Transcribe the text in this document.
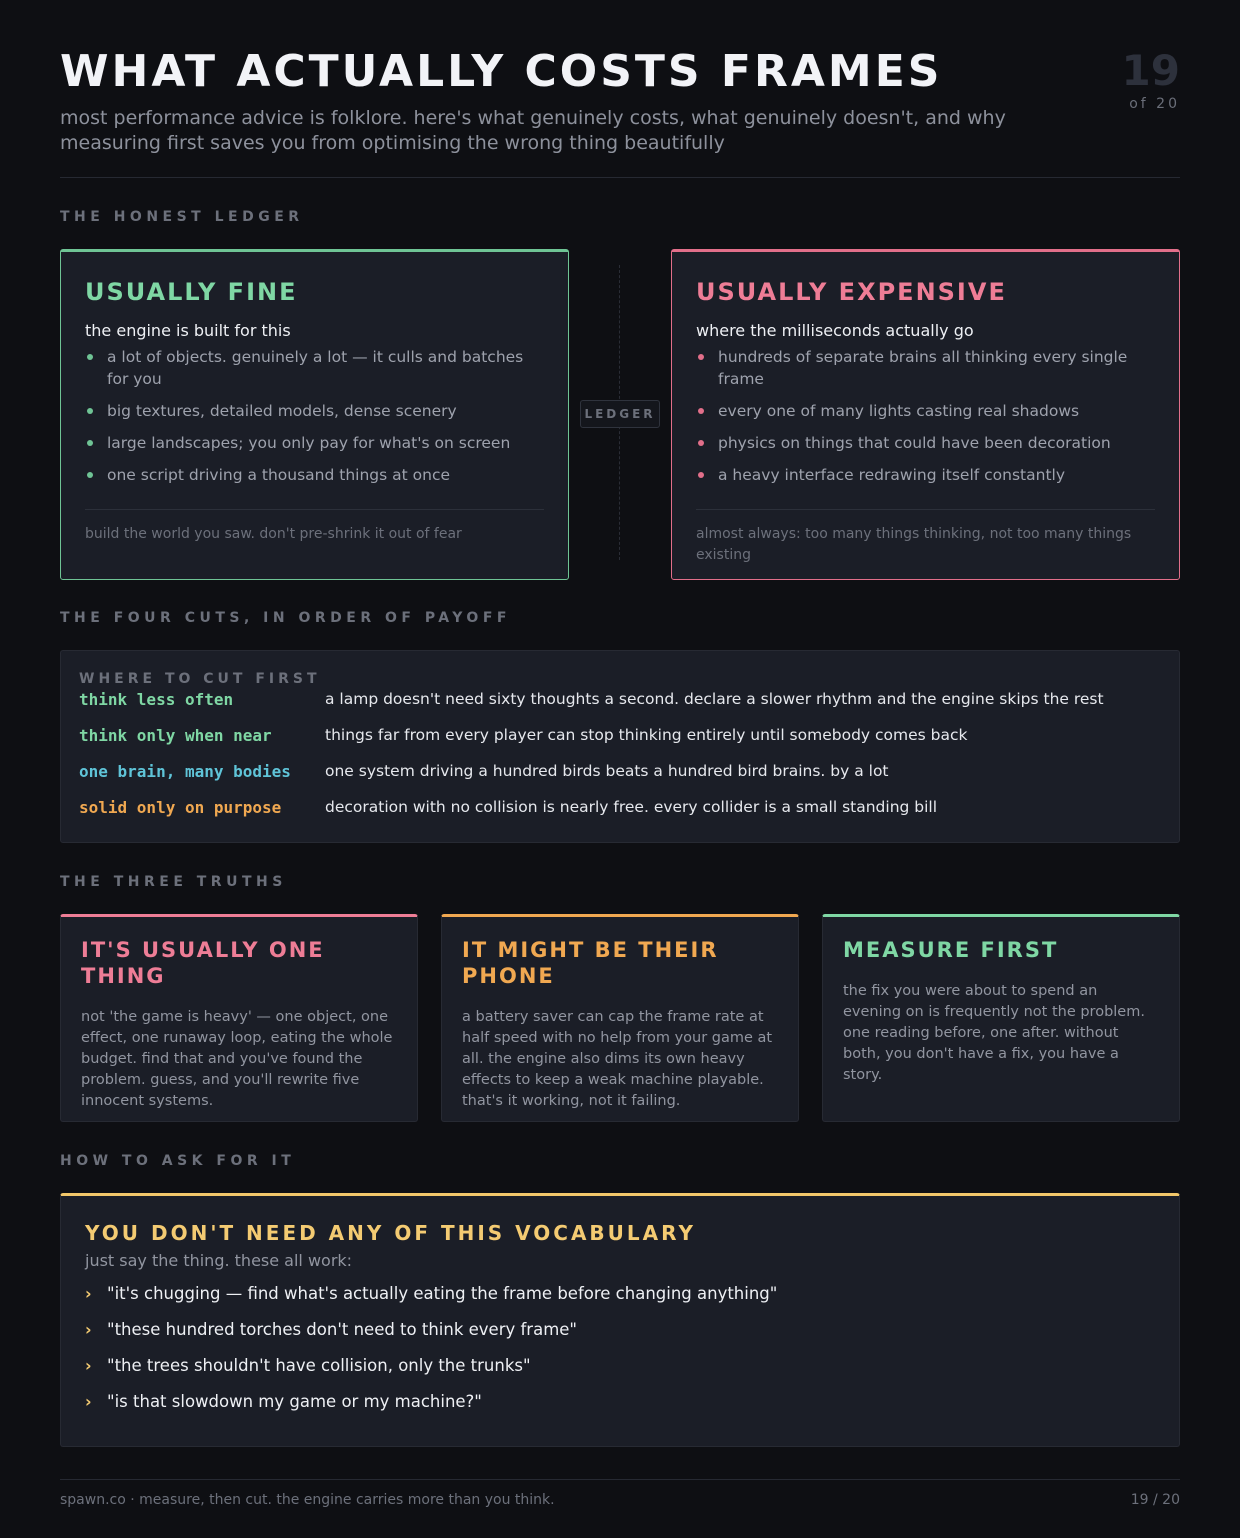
WHAT ACTUALLY COSTS FRAMES
most performance advice is folklore. here's what genuinely costs, what genuinely doesn't, and why measuring first saves you from optimising the wrong thing beautifully
19
of 20
THE HONEST LEDGER
USUALLY FINE
the engine is built for this
a lot of objects. genuinely a lot — it culls and batches for you
big textures, detailed models, dense scenery
large landscapes; you only pay for what's on screen
one script driving a thousand things at once
build the world you saw. don't pre-shrink it out of fear
LEDGER
USUALLY EXPENSIVE
where the milliseconds actually go
hundreds of separate brains all thinking every single frame
every one of many lights casting real shadows
physics on things that could have been decoration
a heavy interface redrawing itself constantly
almost always: too many things thinking, not too many things existing
THE FOUR CUTS, IN ORDER OF PAYOFF
WHERE TO CUT FIRST
think less often	a lamp doesn't need sixty thoughts a second. declare a slower rhythm and the engine skips the rest
think only when near	things far from every player can stop thinking entirely until somebody comes back
one brain, many bodies	one system driving a hundred birds beats a hundred bird brains. by a lot
solid only on purpose	decoration with no collision is nearly free. every collider is a small standing bill
THE THREE TRUTHS
IT'S USUALLY ONE THING

not 'the game is heavy' — one object, one effect, one runaway loop, eating the whole budget. find that and you've found the problem. guess, and you'll rewrite five innocent systems.

IT MIGHT BE THEIR PHONE

a battery saver can cap the frame rate at half speed with no help from your game at all. the engine also dims its own heavy effects to keep a weak machine playable. that's it working, not it failing.

MEASURE FIRST

the fix you were about to spend an evening on is frequently not the problem. one reading before, one after. without both, you don't have a fix, you have a story.

HOW TO ASK FOR IT
YOU DON'T NEED ANY OF THIS VOCABULARY
just say the thing. these all work:
› "it's chugging — find what's actually eating the frame before changing anything"
› "these hundred torches don't need to think every frame"
› "the trees shouldn't have collision, only the trunks"
› "is that slowdown my game or my machine?"
spawn.co · measure, then cut. the engine carries more than you think.	19 / 20
